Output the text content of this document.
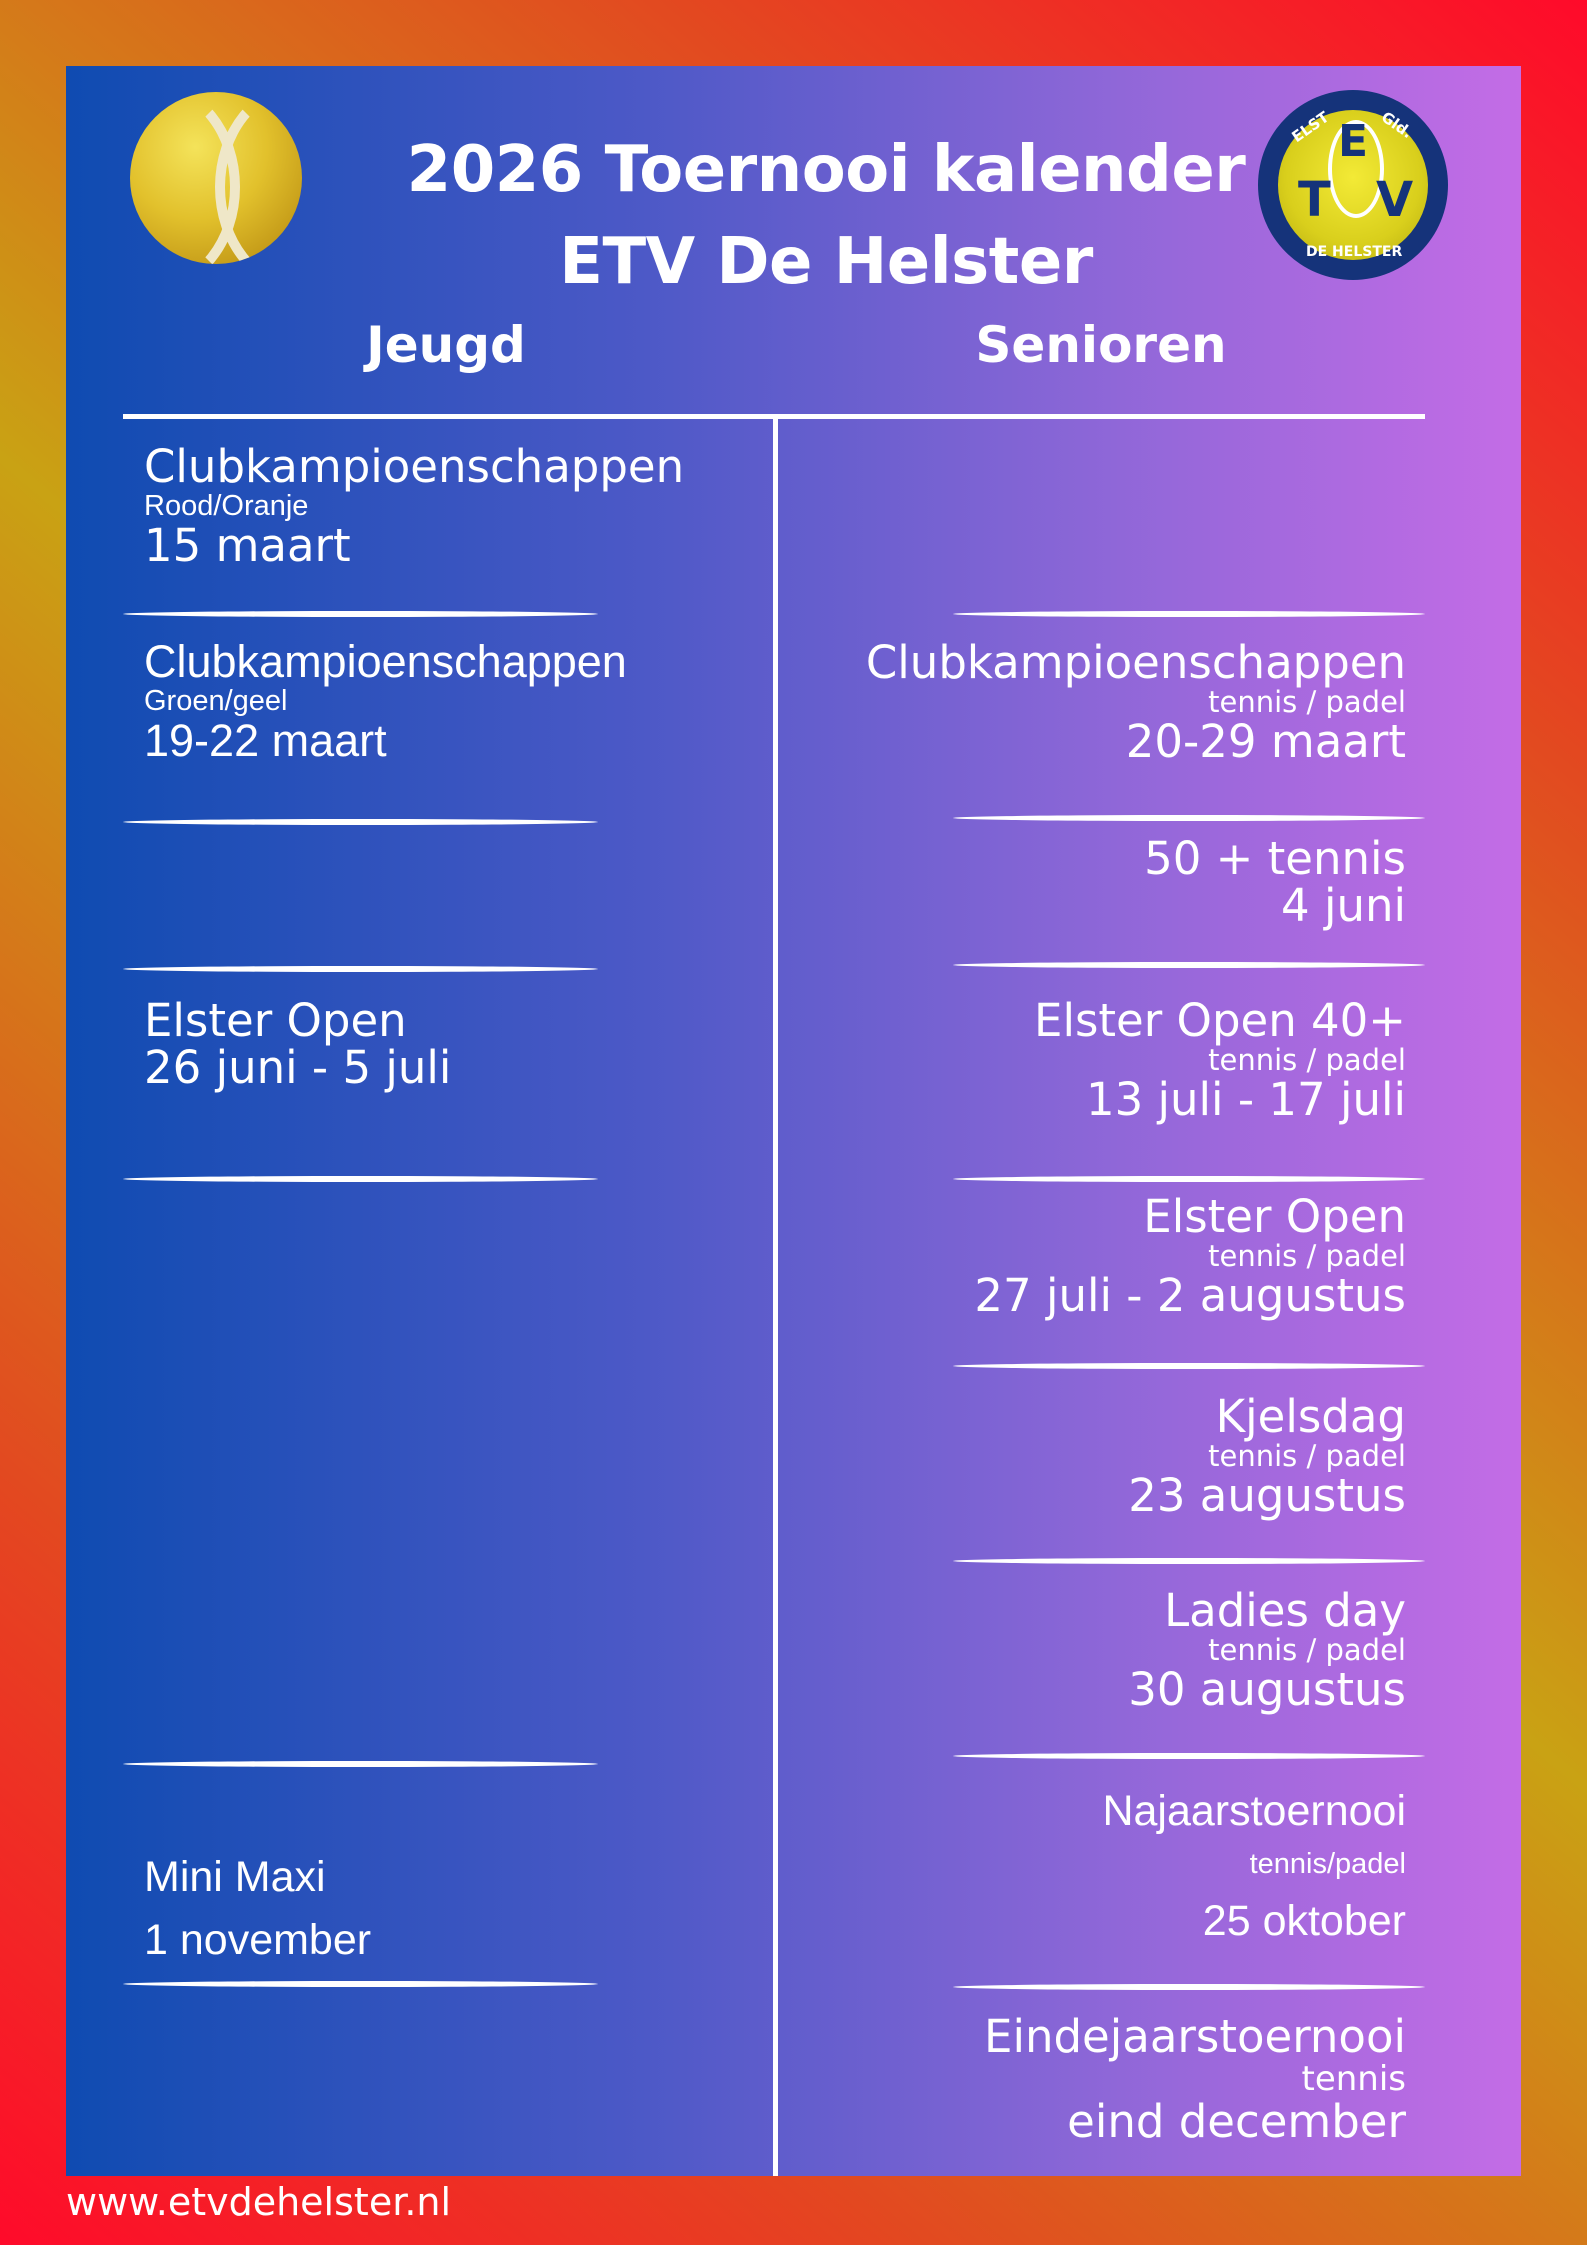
2026 Toernooi kalender
ETV De Helster
ELST	Gld.
E
T V
DE HELSTER
Jeugd	Senioren
Clubkampioenschappen
Rood/Oranje
15 maart
Clubkampioenschappen
Groen/geel
19-22 maart
Elster Open
26 juni - 5 juli
Mini Maxi
1 november
Clubkampioenschappen
tennis / padel
20-29 maart
50 + tennis
4 juni
Elster Open 40+
tennis / padel
13 juli - 17 juli
Elster Open
tennis / padel
27 juli - 2 augustus
Kjelsdag
tennis / padel
23 augustus
Ladies day
tennis / padel
30 augustus
Najaarstoernooi
tennis/padel
25 oktober
Eindejaarstoernooi
tennis
eind december
www.etvdehelster.nl
